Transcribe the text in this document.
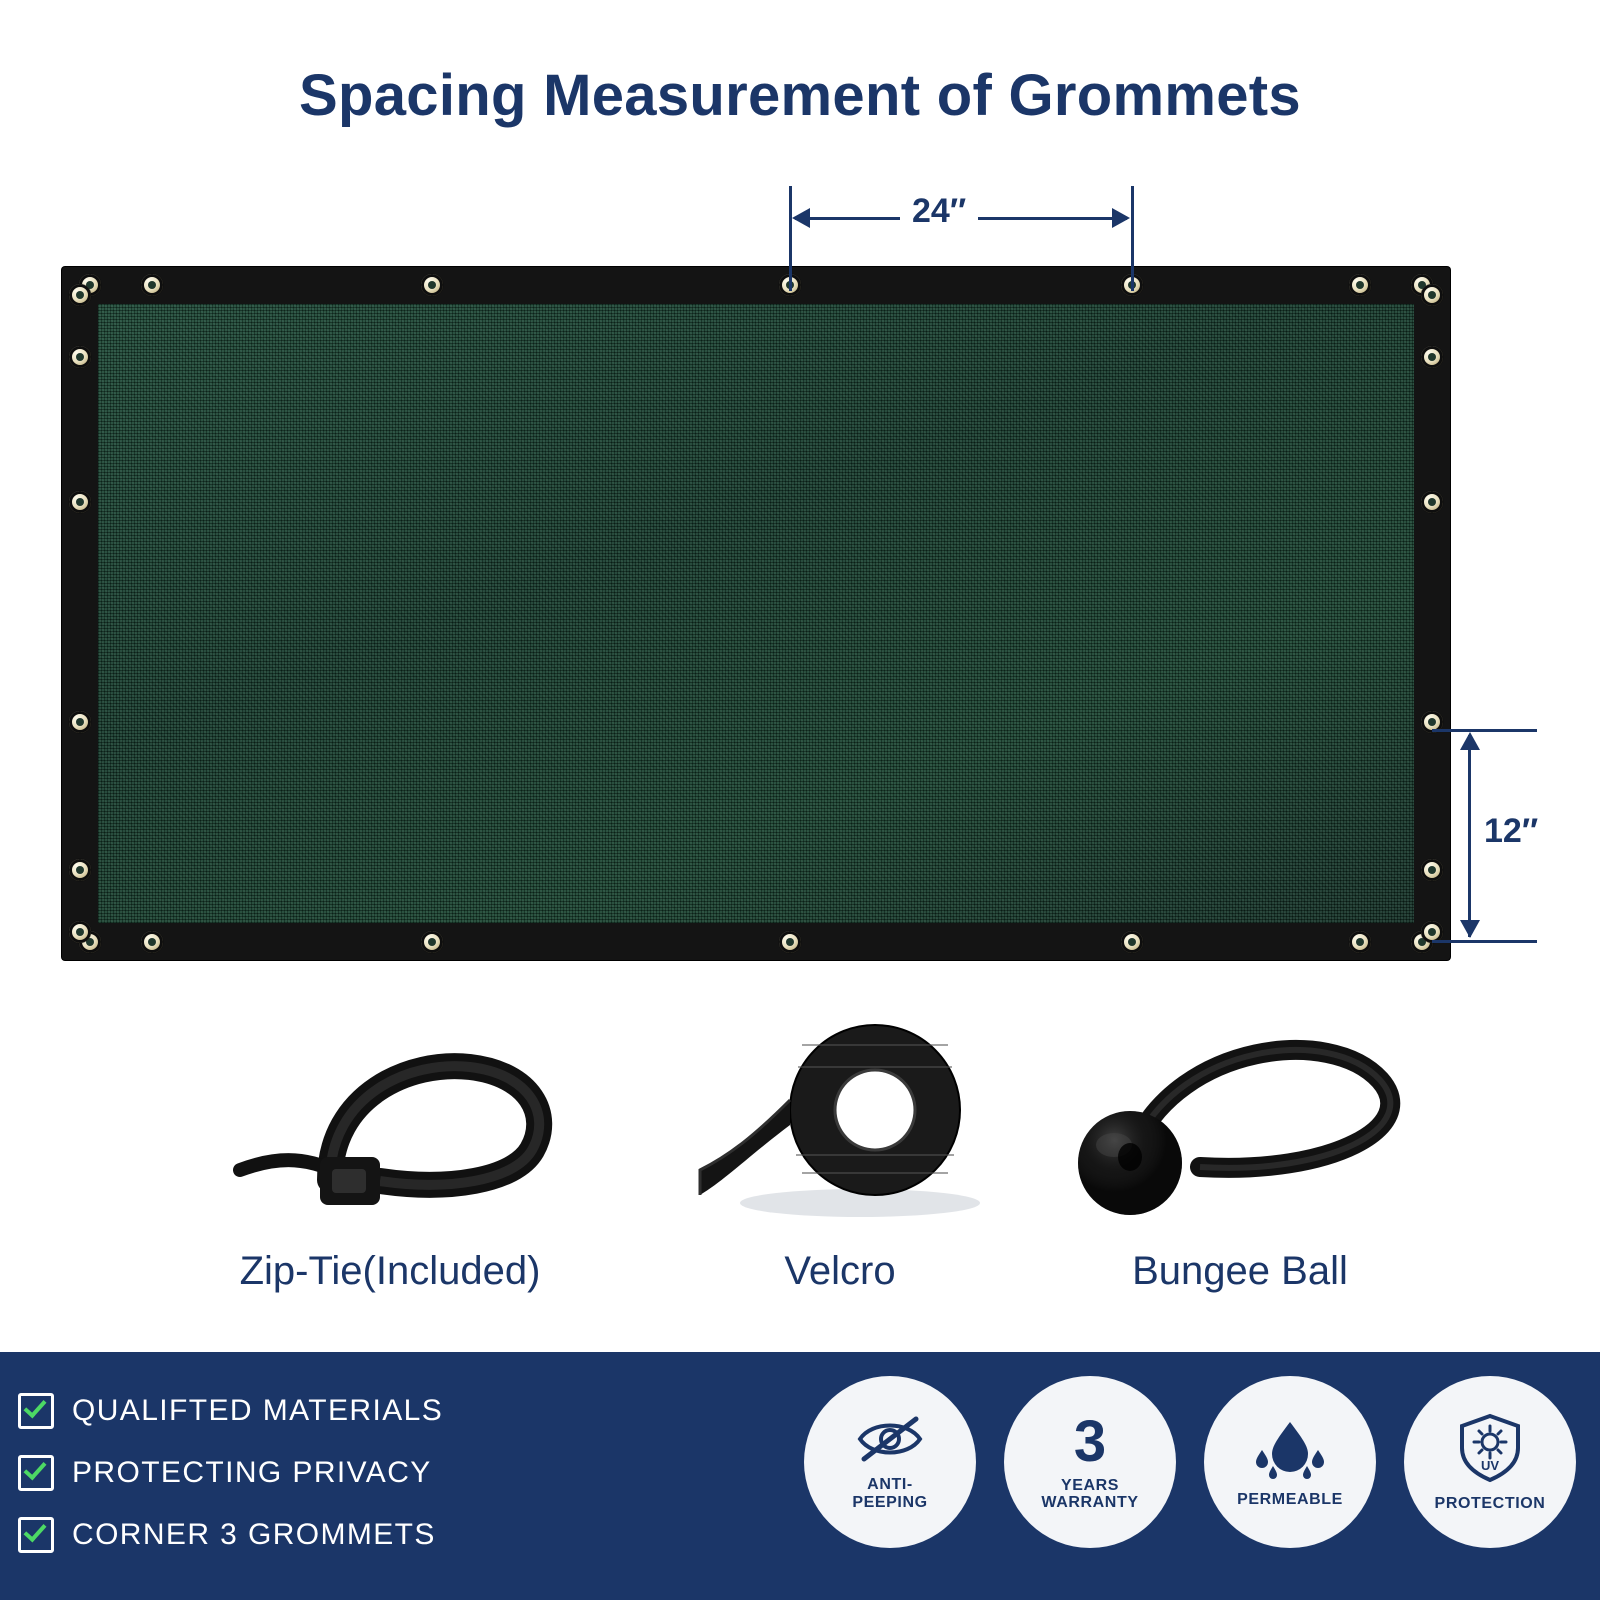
Spacing Measurement of Grommets
24″
12″
Zip-Tie(Included)	Velcro	Bungee Ball
QUALIFTED MATERIALS
PROTECTING PRIVACY
CORNER 3 GROMMETS
ANTI-
PEEPING
3
YEARS
WARRANTY	PERMEABLE
UV
PROTECTION
